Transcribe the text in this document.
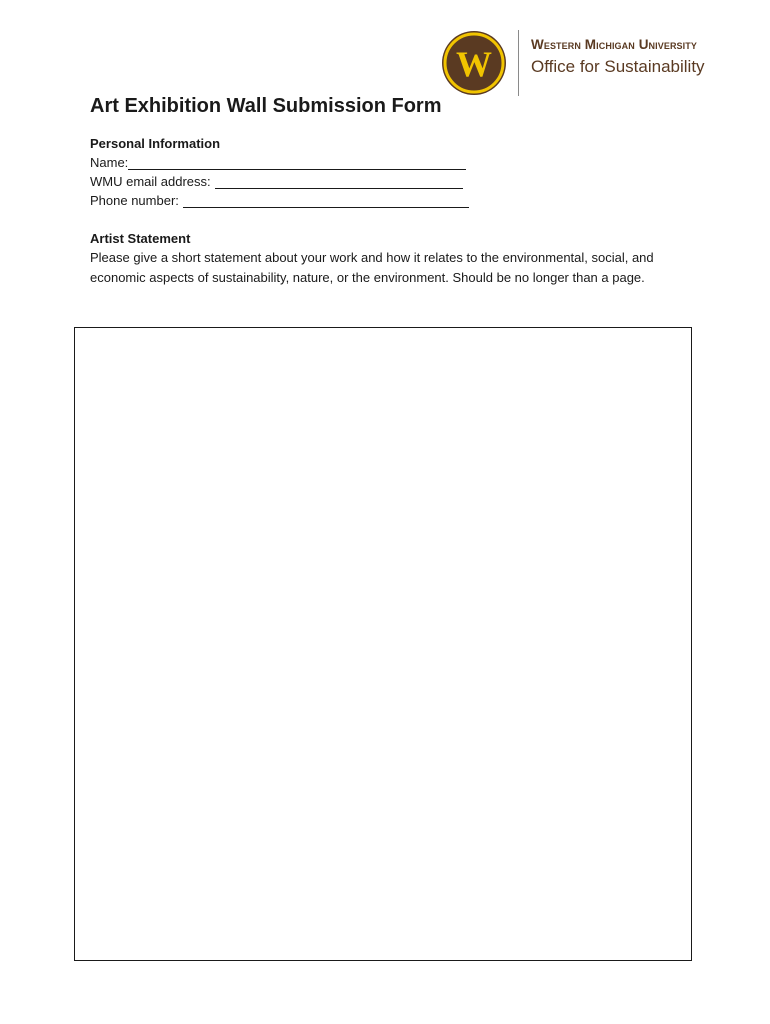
W	Western Michigan University
Office for Sustainability
Art Exhibition Wall Submission Form
Personal Information
Name:
WMU email address:
Phone number:
Artist Statement
Please give a short statement about your work and how it relates to the environmental, social, and economic aspects of sustainability, nature, or the environment. Should be no longer than a page.
